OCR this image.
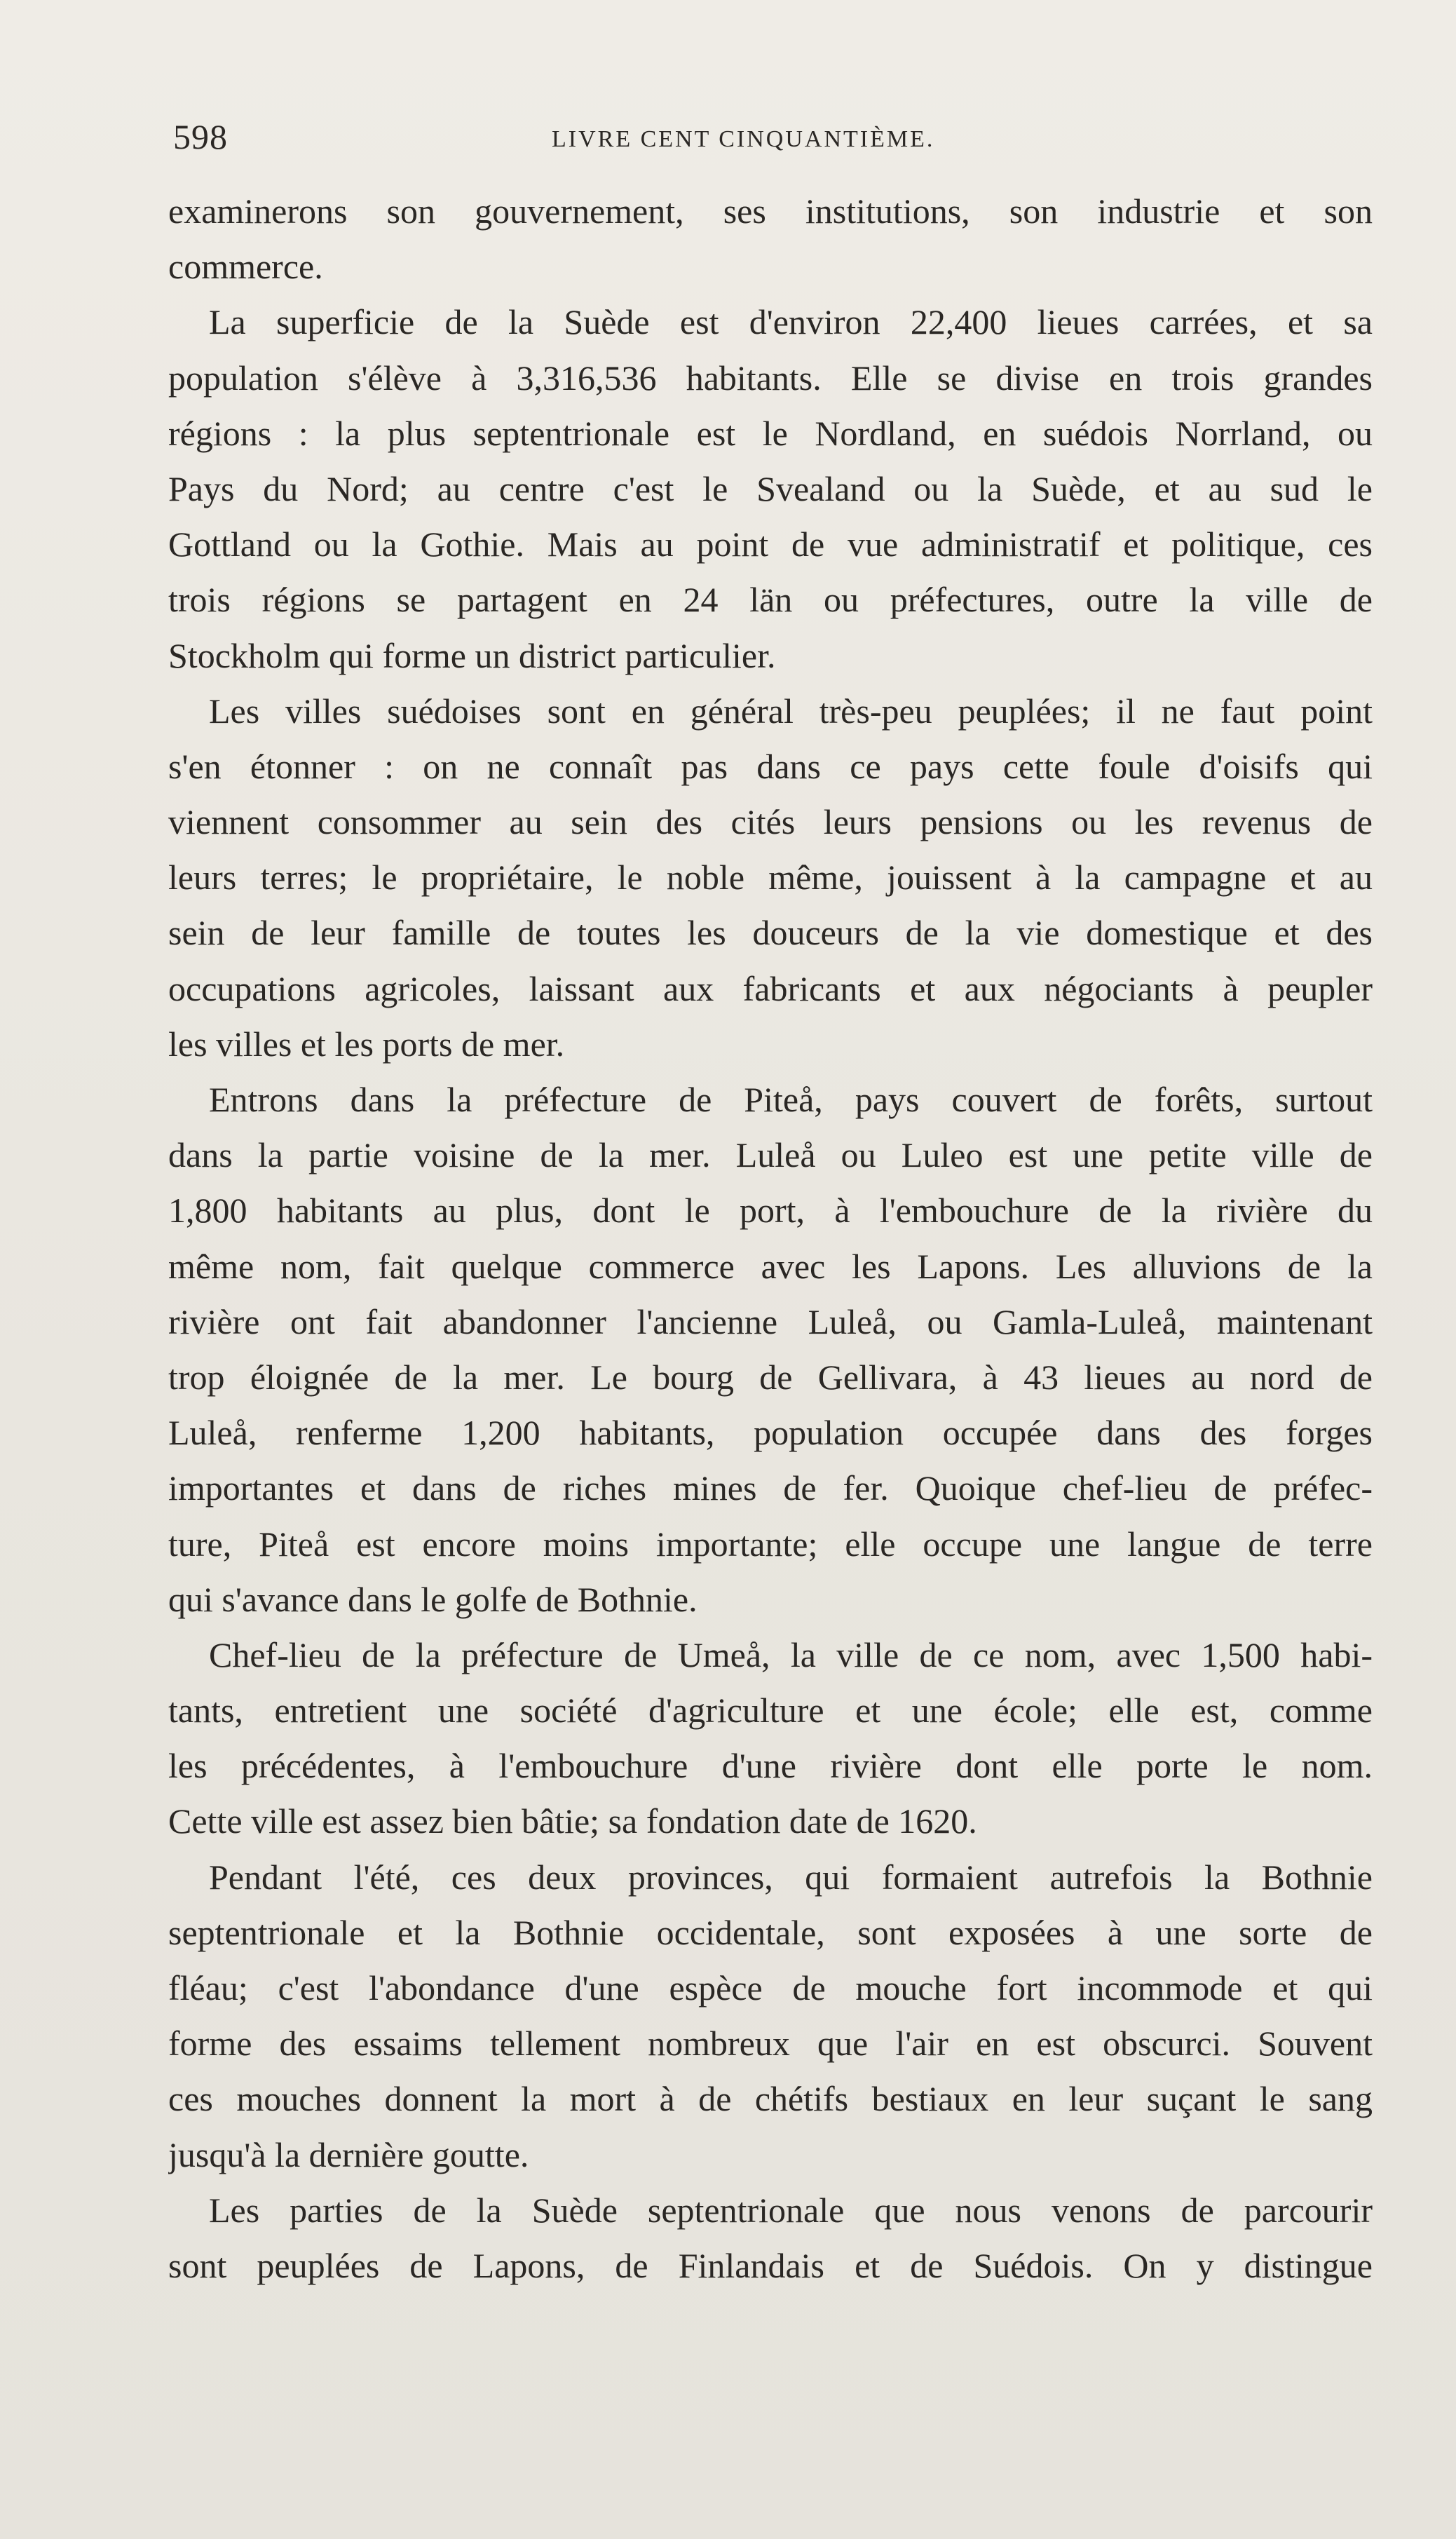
598	LIVRE CENT CINQUANTIÈME.
examinerons son gouvernement, ses institutions, son industrie et son
commerce.
La superficie de la Suède est d'environ 22,400 lieues carrées, et sa
population s'élève à 3,316,536 habitants. Elle se divise en trois grandes
régions : la plus septentrionale est le Nordland, en suédois Norrland, ou
Pays du Nord; au centre c'est le Svealand ou la Suède, et au sud le
Gottland ou la Gothie. Mais au point de vue administratif et politique, ces
trois régions se partagent en 24 län ou préfectures, outre la ville de
Stockholm qui forme un district particulier.
Les villes suédoises sont en général très-peu peuplées; il ne faut point
s'en étonner : on ne connaît pas dans ce pays cette foule d'oisifs qui
viennent consommer au sein des cités leurs pensions ou les revenus de
leurs terres; le propriétaire, le noble même, jouissent à la campagne et au
sein de leur famille de toutes les douceurs de la vie domestique et des
occupations agricoles, laissant aux fabricants et aux négociants à peupler
les villes et les ports de mer.
Entrons dans la préfecture de Piteå, pays couvert de forêts, surtout
dans la partie voisine de la mer. Luleå ou Luleo est une petite ville de
1,800 habitants au plus, dont le port, à l'embouchure de la rivière du
même nom, fait quelque commerce avec les Lapons. Les alluvions de la
rivière ont fait abandonner l'ancienne Luleå, ou Gamla-Luleå, maintenant
trop éloignée de la mer. Le bourg de Gellivara, à 43 lieues au nord de
Luleå, renferme 1,200 habitants, population occupée dans des forges
importantes et dans de riches mines de fer. Quoique chef-lieu de préfec-
ture, Piteå est encore moins importante; elle occupe une langue de terre
qui s'avance dans le golfe de Bothnie.
Chef-lieu de la préfecture de Umeå, la ville de ce nom, avec 1,500 habi-
tants, entretient une société d'agriculture et une école; elle est, comme
les précédentes, à l'embouchure d'une rivière dont elle porte le nom.
Cette ville est assez bien bâtie; sa fondation date de 1620.
Pendant l'été, ces deux provinces, qui formaient autrefois la Bothnie
septentrionale et la Bothnie occidentale, sont exposées à une sorte de
fléau; c'est l'abondance d'une espèce de mouche fort incommode et qui
forme des essaims tellement nombreux que l'air en est obscurci. Souvent
ces mouches donnent la mort à de chétifs bestiaux en leur suçant le sang
jusqu'à la dernière goutte.
Les parties de la Suède septentrionale que nous venons de parcourir
sont peuplées de Lapons, de Finlandais et de Suédois. On y distingue
